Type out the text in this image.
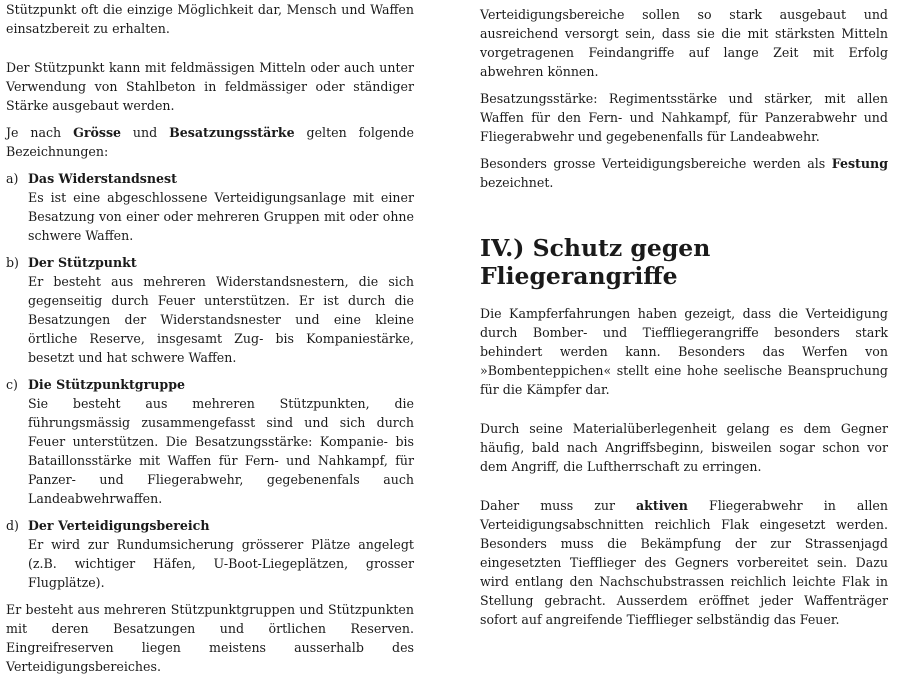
Stützpunkt oft die einzige Möglichkeit dar, Mensch und Waffen einsatzbereit zu erhalten.

Der Stützpunkt kann mit feldmässigen Mitteln oder auch unter Verwendung von Stahlbeton in feldmässiger oder ständiger Stärke ausgebaut werden.

Je nach Grösse und Besatzungsstärke gelten folgende Bezeichnungen:

a) Das Widerstandsnest

Es ist eine abgeschlossene Verteidigungsanlage mit einer Besatzung von einer oder mehreren Gruppen mit oder ohne schwere Waffen.

b) Der Stützpunkt

Er besteht aus mehreren Widerstandsnestern, die sich gegenseitig durch Feuer unterstützen. Er ist durch die Besatzungen der Widerstandsnester und eine kleine örtliche Reserve, insgesamt Zug- bis Kompaniestärke, besetzt und hat schwere Waffen.

c) Die Stützpunktgruppe

Sie besteht aus mehreren Stützpunkten, die führungsmässig zusammengefasst sind und sich durch Feuer unterstützen. Die Besatzungsstärke: Kompanie- bis Bataillonsstärke mit Waffen für Fern- und Nahkampf, für Panzer- und Fliegerabwehr, gegebenenfals auch Landeabwehrwaffen.

d) Der Verteidigungsbereich

Er wird zur Rundumsicherung grösserer Plätze angelegt (z.B. wichtiger Häfen, U-Boot-Liegeplätzen, grosser Flugplätze).

Er besteht aus mehreren Stützpunktgruppen und Stützpunkten mit deren Besatzungen und örtlichen Reserven. Eingreifreserven liegen meistens ausserhalb des Verteidigungsbereiches.

Verteidigungsbereiche sollen so stark ausgebaut und ausreichend versorgt sein, dass sie die mit stärksten Mitteln vorgetragenen Feindangriffe auf lange Zeit mit Erfolg abwehren können.

Besatzungsstärke: Regimentsstärke und stärker, mit allen Waffen für den Fern- und Nahkampf, für Panzerabwehr und Fliegerabwehr und gegebenenfalls für Landeabwehr.

Besonders grosse Verteidigungsbereiche werden als Festung bezeichnet.

IV.) Schutz gegen Fliegerangriffe

Die Kampferfahrungen haben gezeigt, dass die Verteidigung durch Bomber- und Tieffliegerangriffe besonders stark behindert werden kann. Besonders das Werfen von »Bombenteppichen« stellt eine hohe seelische Beanspruchung für die Kämpfer dar.

Durch seine Materialüberlegenheit gelang es dem Gegner häufig, bald nach Angriffsbeginn, bisweilen sogar schon vor dem Angriff, die Luftherrschaft zu erringen.

Daher muss zur aktiven Fliegerabwehr in allen Verteidigungsabschnitten reichlich Flak eingesetzt werden. Besonders muss die Bekämpfung der zur Strassenjagd eingesetzten Tiefflieger des Gegners vorbereitet sein. Dazu wird entlang den Nachschubstrassen reichlich leichte Flak in Stellung gebracht. Ausserdem eröffnet jeder Waffenträger sofort auf angreifende Tiefflieger selbständig das Feuer.
